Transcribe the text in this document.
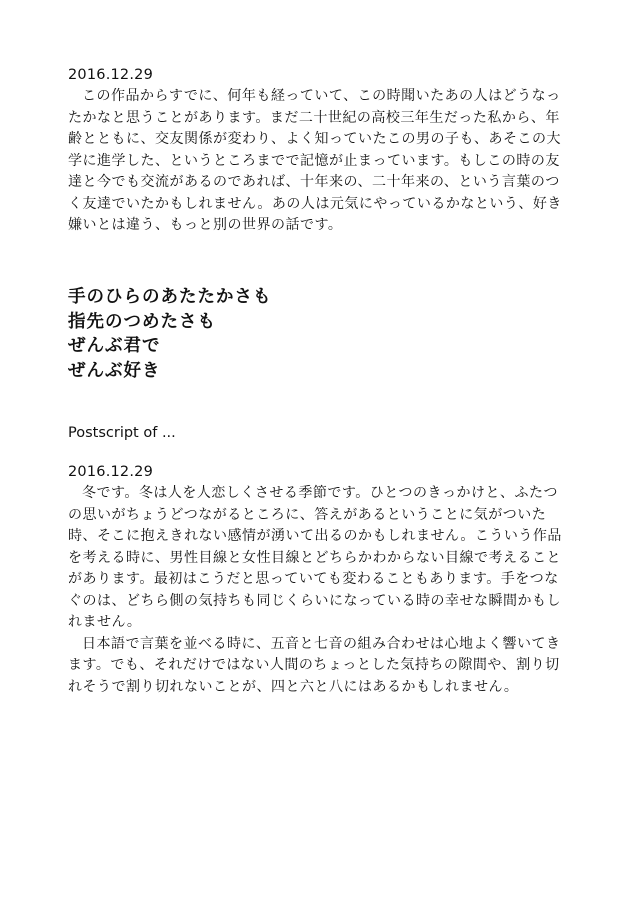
2016.12.29

この作品からすでに、何年も経っていて、この時聞いたあの人はどうなったかなと思うことがあります。まだ二十世紀の高校三年生だった私から、年齢とともに、交友関係が変わり、よく知っていたこの男の子も、あそこの大学に進学した、というところまでで記憶が止まっています。もしこの時の友達と今でも交流があるのであれば、十年来の、二十年来の、という言葉のつく友達でいたかもしれません。あの人は元気にやっているかなという、好き嫌いとは違う、もっと別の世界の話です。

手のひらのあたたかさも
指先のつめたさも
ぜんぶ君で
ぜんぶ好き
Postscript of ...
2016.12.29

冬です。冬は人を人恋しくさせる季節です。ひとつのきっかけと、ふたつの思いがちょうどつながるところに、答えがあるということに気がついた時、そこに抱えきれない感情が湧いて出るのかもしれません。こういう作品を考える時に、男性目線と女性目線とどちらかわからない目線で考えることがあります。最初はこうだと思っていても変わることもあります。手をつなぐのは、どちら側の気持ちも同じくらいになっている時の幸せな瞬間かもしれません。

日本語で言葉を並べる時に、五音と七音の組み合わせは心地よく響いてきます。でも、それだけではない人間のちょっとした気持ちの隙間や、割り切れそうで割り切れないことが、四と六と八にはあるかもしれません。
